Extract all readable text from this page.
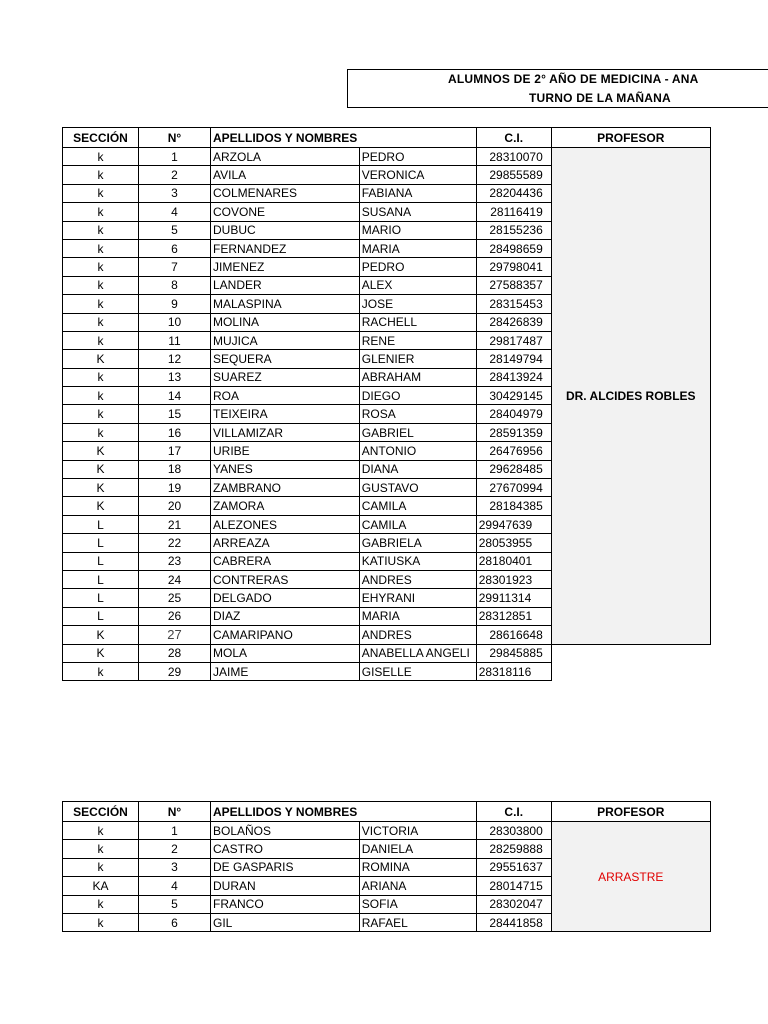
ALUMNOS DE 2° AÑO DE MEDICINA - ANA
TURNO DE LA MAÑANA
SECCIÓN	N°	APELLIDOS Y NOMBRES		C.I.	PROFESOR
k	1	ARZOLA	PEDRO	28310070	DR. ALCIDES ROBLES
k	2	AVILA	VERONICA	29855589	
k	3	COLMENARES	FABIANA	28204436	
k	4	COVONE	SUSANA	28116419	
k	5	DUBUC	MARIO	28155236	
k	6	FERNANDEZ	MARIA	28498659	
k	7	JIMENEZ	PEDRO	29798041	
k	8	LANDER	ALEX	27588357	
k	9	MALASPINA	JOSE	28315453	
k	10	MOLINA	RACHELL	28426839	
k	11	MUJICA	RENE	29817487	
K	12	SEQUERA	GLENIER	28149794	
k	13	SUAREZ	ABRAHAM	28413924	
k	14	ROA	DIEGO	30429145	
k	15	TEIXEIRA	ROSA	28404979	
k	16	VILLAMIZAR	GABRIEL	28591359	
K	17	URIBE	ANTONIO	26476956	
K	18	YANES	DIANA	29628485	
K	19	ZAMBRANO	GUSTAVO	27670994	
K	20	ZAMORA	CAMILA	28184385	
L	21	ALEZONES	CAMILA	29947639	
L	22	ARREAZA	GABRIELA	28053955	
L	23	CABRERA	KATIUSKA	28180401	
L	24	CONTRERAS	ANDRES	28301923	
L	25	DELGADO	EHYRANI	29911314	
L	26	DIAZ	MARIA	28312851	
K	27	CAMARIPANO	ANDRES	28616648	
K	28	MOLA	ANABELLA ANGELI	29845885	
k	29	JAIME	GISELLE	28318116	
SECCIÓN	N°	APELLIDOS Y NOMBRES		C.I.	PROFESOR
k	1	BOLAÑOS	VICTORIA	28303800	ARRASTRE
k	2	CASTRO	DANIELA	28259888	
k	3	DE GASPARIS	ROMINA	29551637	
KA	4	DURAN	ARIANA	28014715	
k	5	FRANCO	SOFIA	28302047	
k	6	GIL	RAFAEL	28441858	
